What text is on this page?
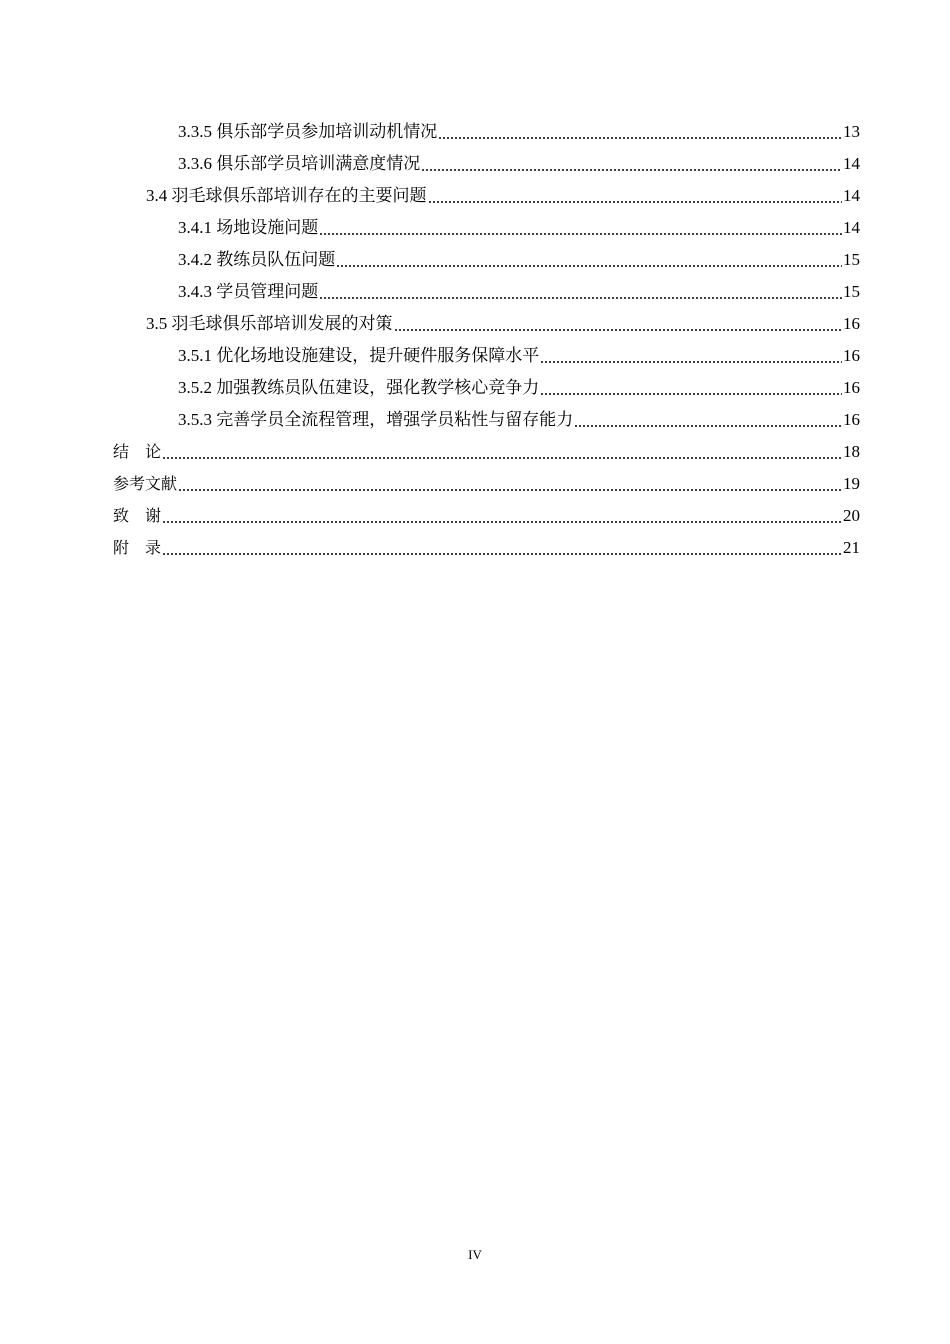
3.3.5 俱乐部学员参加培训动机情况	13
3.3.6 俱乐部学员培训满意度情况	14
3.4 羽毛球俱乐部培训存在的主要问题	14
3.4.1 场地设施问题	14
3.4.2 教练员队伍问题	15
3.4.3 学员管理问题	15
3.5 羽毛球俱乐部培训发展的对策	16
3.5.1 优化场地设施建设，提升硬件服务保障水平	16
3.5.2 加强教练员队伍建设，强化教学核心竞争力	16
3.5.3 完善学员全流程管理，增强学员粘性与留存能力	16
结　论	18
参考文献	19
致　谢	20
附　录	21
IV
